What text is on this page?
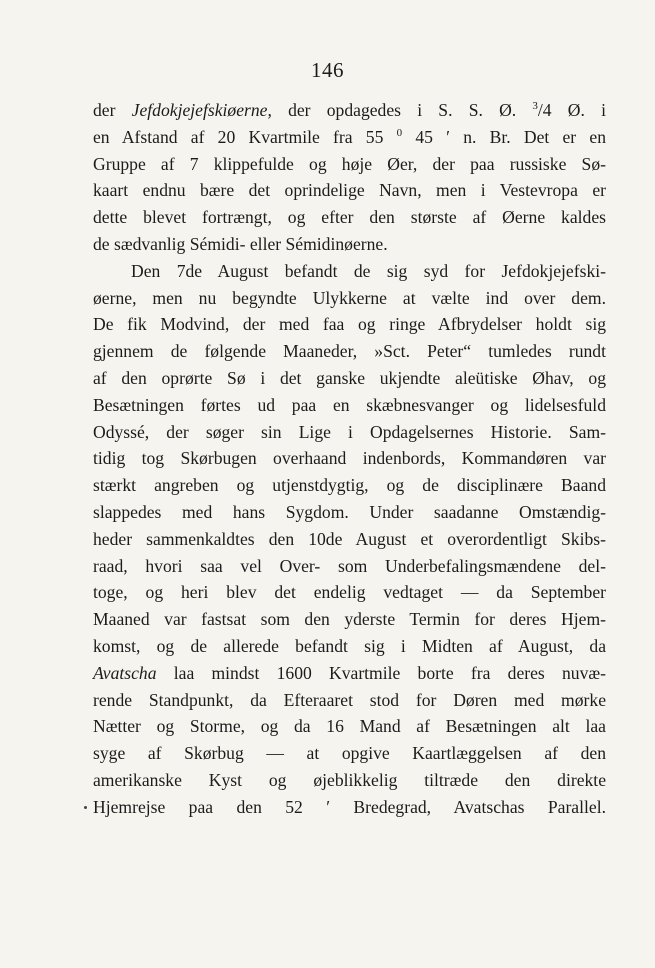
146
der Jefdokjejefskiøerne, der opdagedes i S. S. Ø. $^3$/4 Ø. i
en Afstand af 20 Kvartmile fra 55 $^0$ 45 ′ n. Br. Det er en
Gruppe af 7 klippefulde og høje Øer, der paa russiske Sø-
kaart endnu bære det oprindelige Navn, men i Vestevropa er
dette blevet fortrængt, og efter den største af Øerne kaldes
de sædvanlig Sémidi- eller Sémidinøerne.
Den 7de August befandt de sig syd for Jefdokjejefski-
øerne, men nu begyndte Ulykkerne at vælte ind over dem.
De fik Modvind, der med faa og ringe Afbrydelser holdt sig
gjennem de følgende Maaneder, »Sct. Peter“ tumledes rundt
af den oprørte Sø i det ganske ukjendte aleütiske Øhav, og
Besætningen førtes ud paa en skæbnesvanger og lidelsesfuld
Odyssé, der søger sin Lige i Opdagelsernes Historie. Sam-
tidig tog Skørbugen overhaand indenbords, Kommandøren var
stærkt angreben og utjenstdygtig, og de disciplinære Baand
slappedes med hans Sygdom. Under saadanne Omstændig-
heder sammenkaldtes den 10de August et overordentligt Skibs-
raad, hvori saa vel Over- som Underbefalingsmændene del-
toge, og heri blev det endelig vedtaget — da September
Maaned var fastsat som den yderste Termin for deres Hjem-
komst, og de allerede befandt sig i Midten af August, da
Avatscha laa mindst 1600 Kvartmile borte fra deres nuvæ-
rende Standpunkt, da Efteraaret stod for Døren med mørke
Nætter og Storme, og da 16 Mand af Besætningen alt laa
syge af Skørbug — at opgive Kaartlæggelsen af den
amerikanske Kyst og øjeblikkelig tiltræde den direkte
Hjemrejse paa den 52 ′ Bredegrad, Avatschas Parallel.
